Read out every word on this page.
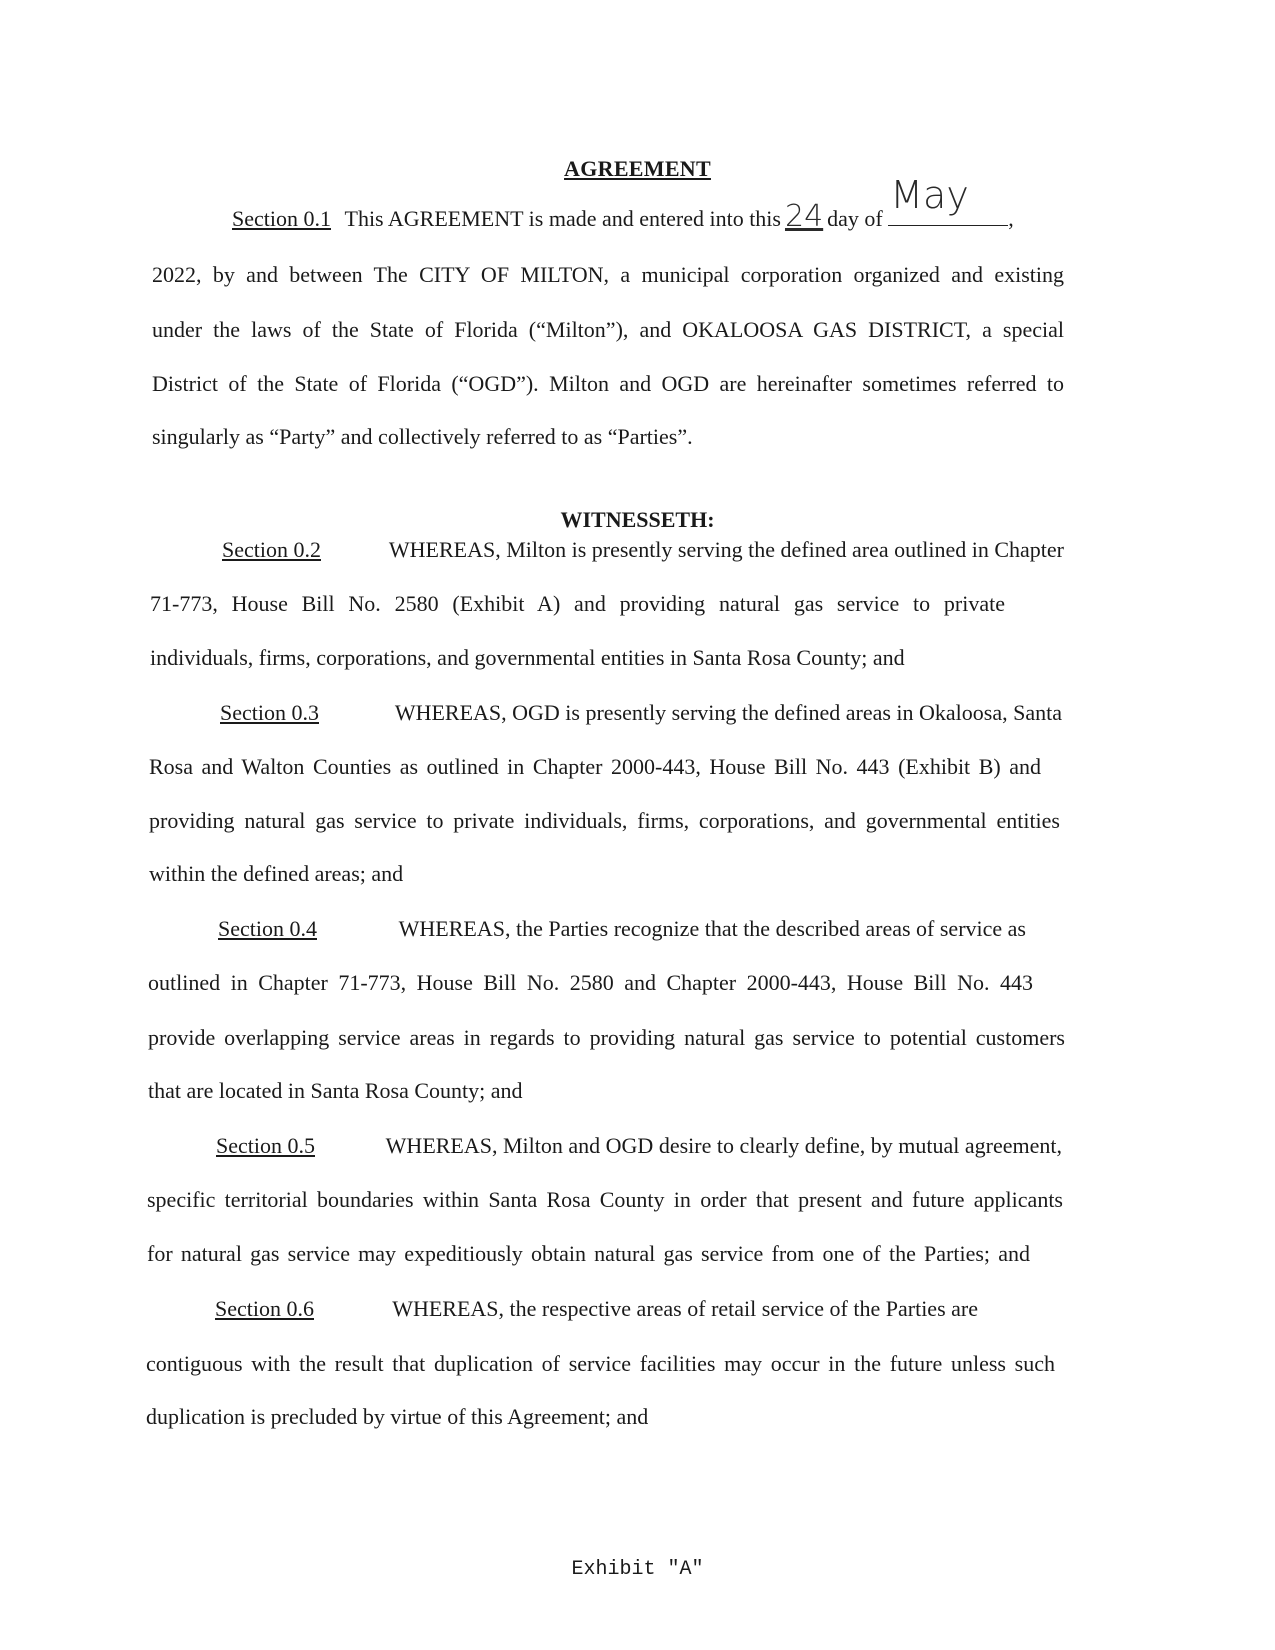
AGREEMENT
Section 0.1 This AGREEMENT is made and entered into this 24 day of
May
,
2022, by and between The CITY OF MILTON, a municipal corporation organized and existing
under the laws of the State of Florida (“Milton”), and OKALOOSA GAS DISTRICT, a special
District of the State of Florida (“OGD”). Milton and OGD are hereinafter sometimes referred to
singularly as “Party” and collectively referred to as “Parties”.
WITNESSETH:
Section 0.2	WHEREAS, Milton is presently serving the defined area outlined in Chapter
71-773, House Bill No. 2580 (Exhibit A) and providing natural gas service to private
individuals, firms, corporations, and governmental entities in Santa Rosa County; and
Section 0.3	WHEREAS, OGD is presently serving the defined areas in Okaloosa, Santa
Rosa and Walton Counties as outlined in Chapter 2000-443, House Bill No. 443 (Exhibit B) and
providing natural gas service to private individuals, firms, corporations, and governmental entities
within the defined areas; and
Section 0.4	WHEREAS, the Parties recognize that the described areas of service as
outlined in Chapter 71-773, House Bill No. 2580 and Chapter 2000-443, House Bill No. 443
provide overlapping service areas in regards to providing natural gas service to potential customers
that are located in Santa Rosa County; and
Section 0.5	WHEREAS, Milton and OGD desire to clearly define, by mutual agreement,
specific territorial boundaries within Santa Rosa County in order that present and future applicants
for natural gas service may expeditiously obtain natural gas service from one of the Parties; and
Section 0.6	WHEREAS, the respective areas of retail service of the Parties are
contiguous with the result that duplication of service facilities may occur in the future unless such
duplication is precluded by virtue of this Agreement; and
Exhibit "A"
